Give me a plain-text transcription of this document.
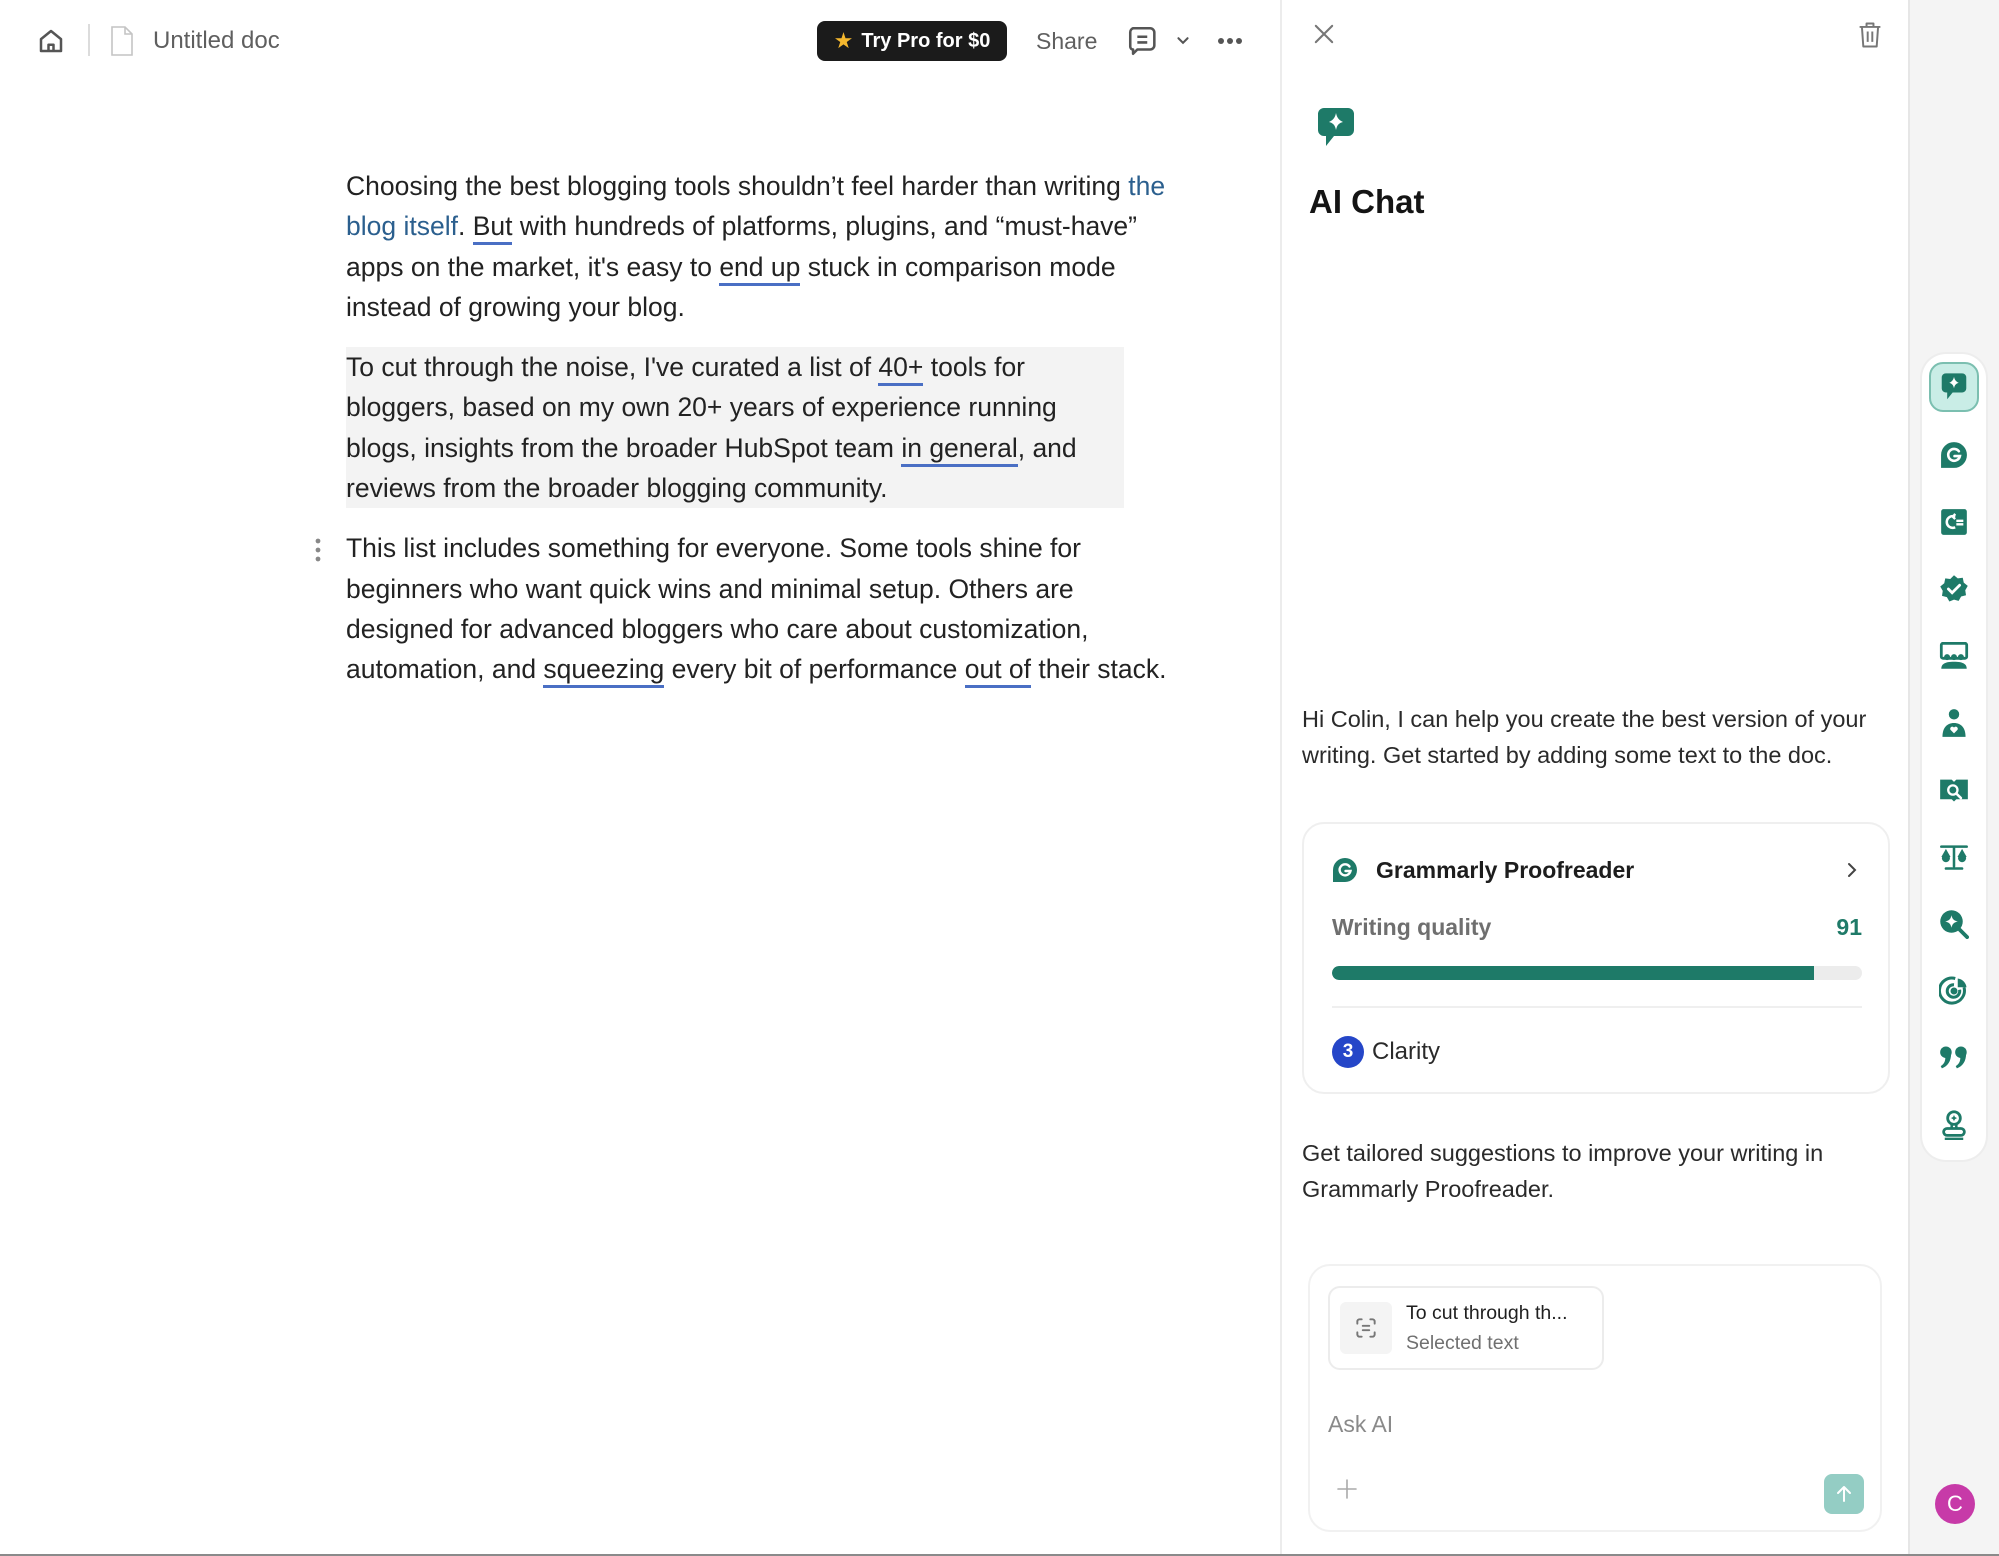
Untitled doc	★ Try Pro for $0 Share

Choosing the best blogging tools shouldn’t feel harder than writing the blog itself. But with hundreds of platforms, plugins, and “must-have” apps on the market, it's easy to end up stuck in comparison mode instead of growing your blog.

To cut through the noise, I've curated a list of 40+ tools for bloggers, based on my own 20+ years of experience running blogs, insights from the broader HubSpot team in general, and reviews from the broader blogging community.

This list includes something for everyone. Some tools shine for beginners who want quick wins and minimal setup. Others are designed for advanced bloggers who care about customization, automation, and squeezing every bit of performance out of their stack.

AI Chat
Hi Colin, I can help you create the best version of your writing. Get started by adding some text to the doc.
Grammarly Proofreader
Writing quality	91
3 Clarity
Get tailored suggestions to improve your writing in Grammarly Proofreader.
To cut through th...
Selected text
Ask AI
C
